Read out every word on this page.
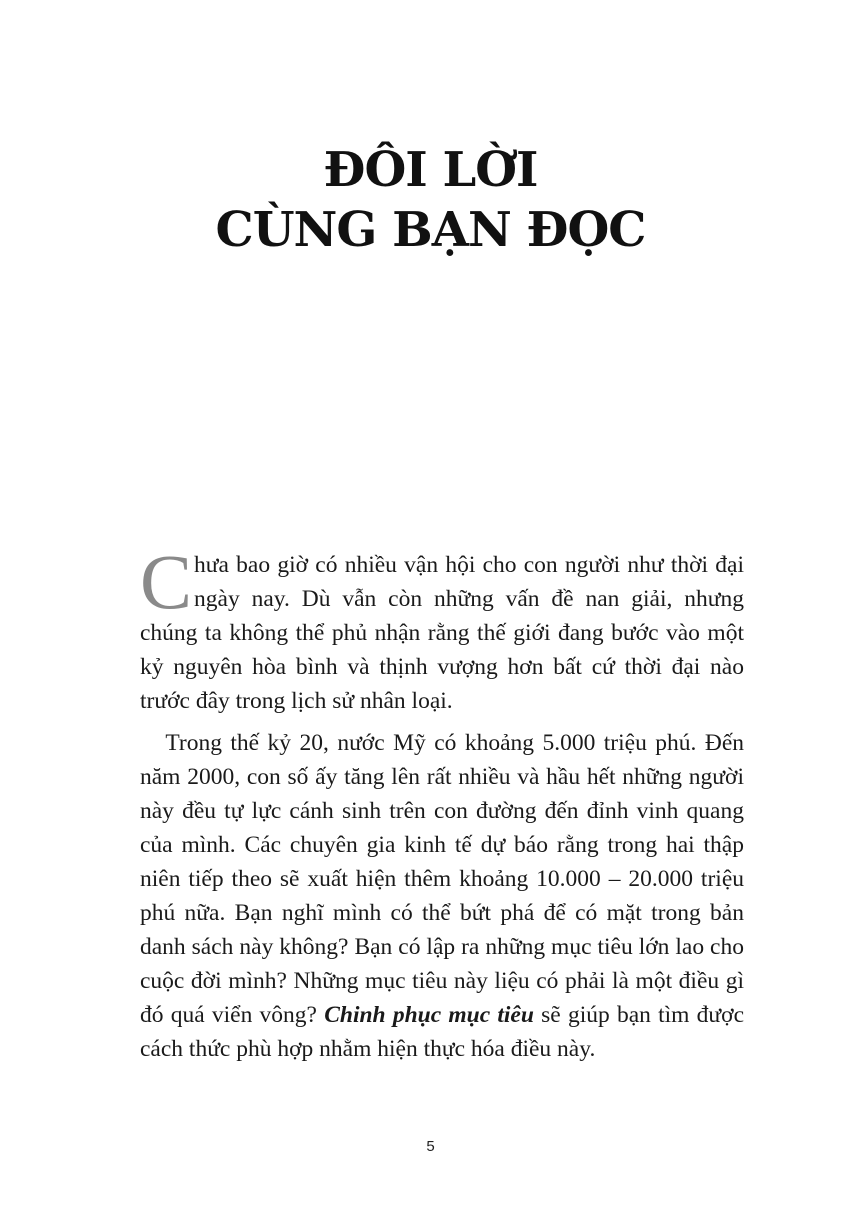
ĐÔI LỜI
CÙNG BẠN ĐỌC

Chưa bao giờ có nhiều vận hội cho con người như thời đại ngày nay. Dù vẫn còn những vấn đề nan giải, nhưng chúng ta không thể phủ nhận rằng thế giới đang bước vào một kỷ nguyên hòa bình và thịnh vượng hơn bất cứ thời đại nào trước đây trong lịch sử nhân loại.

Trong thế kỷ 20, nước Mỹ có khoảng 5.000 triệu phú. Đến năm 2000, con số ấy tăng lên rất nhiều và hầu hết những người này đều tự lực cánh sinh trên con đường đến đỉnh vinh quang của mình. Các chuyên gia kinh tế dự báo rằng trong hai thập niên tiếp theo sẽ xuất hiện thêm khoảng 10.000 – 20.000 triệu phú nữa. Bạn nghĩ mình có thể bứt phá để có mặt trong bản danh sách này không? Bạn có lập ra những mục tiêu lớn lao cho cuộc đời mình? Những mục tiêu này liệu có phải là một điều gì đó quá viển vông? Chinh phục mục tiêu sẽ giúp bạn tìm được cách thức phù hợp nhằm hiện thực hóa điều này.

5
